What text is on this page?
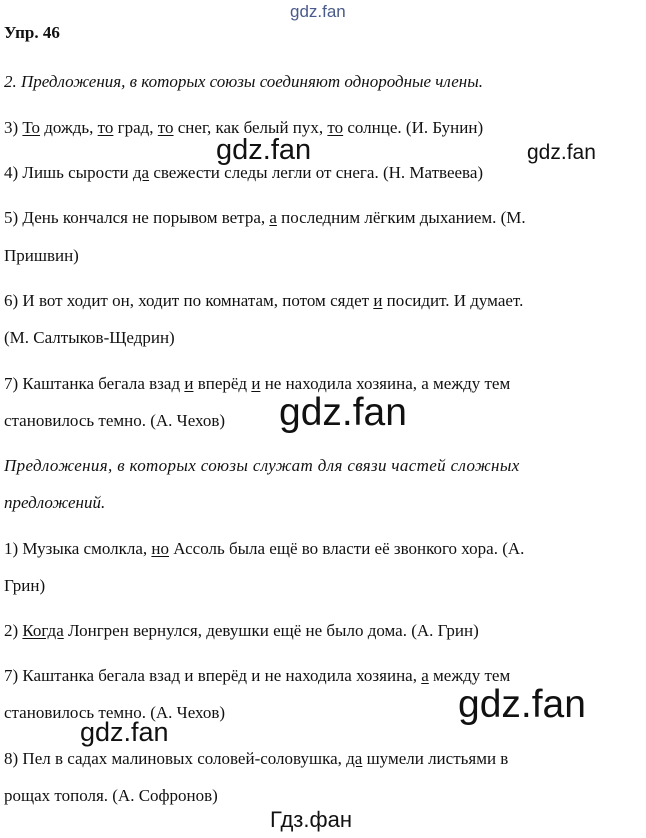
gdz.fan
gdz.fan	gdz.fan
gdz.fan
gdz.fan
gdz.fan
Гдз.фан
Упр. 46
2. Предложения, в которых союзы соединяют однородные члены.
3) То дождь, то град, то снег, как белый пух, то солнце. (И. Бунин)
4) Лишь сырости да свежести следы легли от снега. (Н. Матвеева)
5) День кончался не порывом ветра, а последним лёгким дыханием. (М.
Пришвин)
6) И вот ходит он, ходит по комнатам, потом сядет и посидит. И думает.
(М. Салтыков-Щедрин)
7) Каштанка бегала взад и вперёд и не находила хозяина, а между тем
становилось темно. (А. Чехов)
Предложения, в которых союзы служат для связи частей сложных
предложений.
1) Музыка смолкла, но Ассоль была ещё во власти её звонкого хора. (А.
Грин)
2) Когда Лонгрен вернулся, девушки ещё не было дома. (А. Грин)
7) Каштанка бегала взад и вперёд и не находила хозяина, а между тем
становилось темно. (А. Чехов)
8) Пел в садах малиновых соловей-соловушка, да шумели листьями в
рощах тополя. (А. Софронов)
